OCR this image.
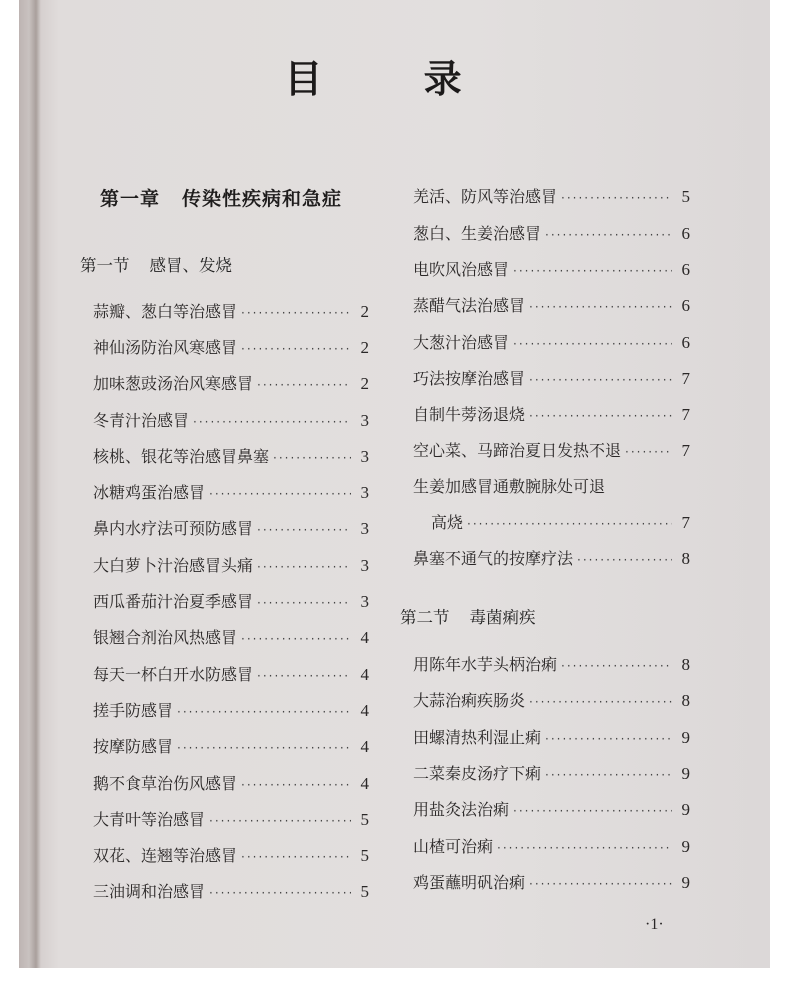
目 录
第一章 传染性疾病和急症
第一节 感冒、发烧
蒜瓣、葱白等治感冒 ·····	2
神仙汤防治风寒感冒 ·····	2
加味葱豉汤治风寒感冒 ·····	2
冬青汁治感冒 ·····	3
核桃、银花等治感冒鼻塞 ·····	3
冰糖鸡蛋治感冒 ·····	3
鼻内水疗法可预防感冒 ·····	3
大白萝卜汁治感冒头痛 ·····	3
西瓜番茄汁治夏季感冒 ·····	3
银翘合剂治风热感冒 ·····	4
每天一杯白开水防感冒 ·····	4
搓手防感冒 ·····	4
按摩防感冒 ·····	4
鹅不食草治伤风感冒 ·····	4
大青叶等治感冒 ·····	5
双花、连翘等治感冒 ·····	5
三油调和治感冒 ·····	5
羌活、防风等治感冒 ·····	5
葱白、生姜治感冒 ·····	6
电吹风治感冒 ·····	6
蒸醋气法治感冒 ·····	6
大葱汁治感冒 ·····	6
巧法按摩治感冒 ·····	7
自制牛蒡汤退烧 ·····	7
空心菜、马蹄治夏日发热不退 ·····	7
生姜加感冒通敷腕脉处可退
高烧 ·····	7
鼻塞不通气的按摩疗法 ·····	8
第二节 毒菌痢疾
用陈年水芋头柄治痢 ·····	8
大蒜治痢疾肠炎 ·····	8
田螺清热利湿止痢 ·····	9
二菜秦皮汤疗下痢 ·····	9
用盐灸法治痢 ·····	9
山楂可治痢 ·····	9
鸡蛋蘸明矾治痢 ·····	9
·1·
